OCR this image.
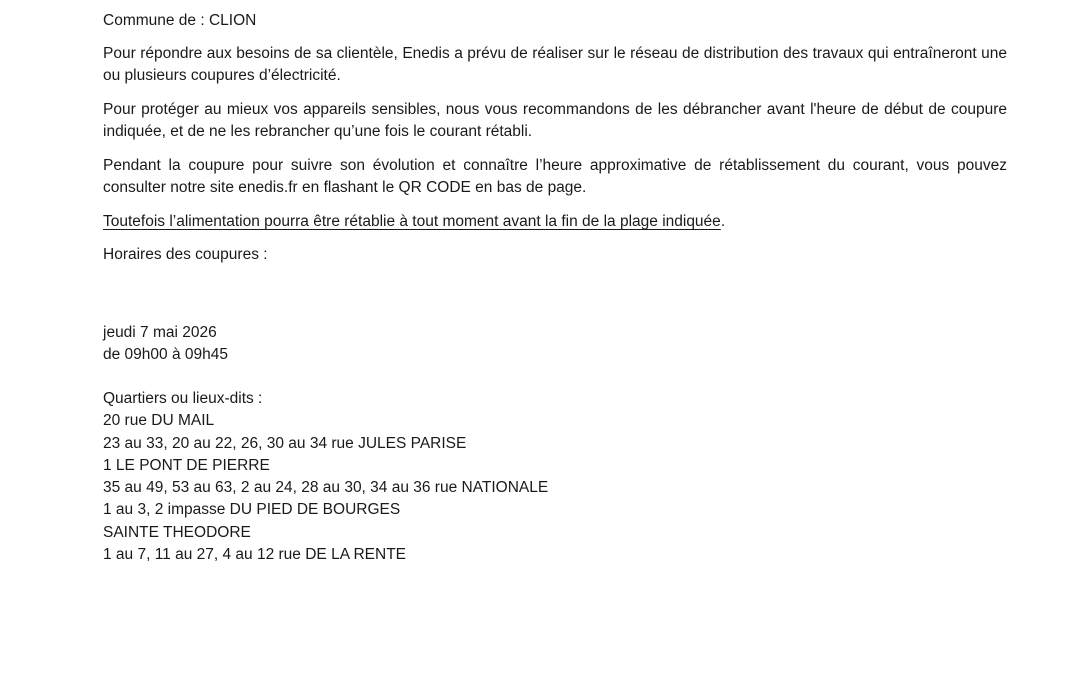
Commune de : CLION

Pour répondre aux besoins de sa clientèle, Enedis a prévu de réaliser sur le réseau de distribution des travaux qui entraîneront une ou plusieurs coupures d’électricité.

Pour protéger au mieux vos appareils sensibles, nous vous recommandons de les débrancher avant l'heure de début de coupure indiquée, et de ne les rebrancher qu’une fois le courant rétabli.

Pendant la coupure pour suivre son évolution et connaître l’heure approximative de rétablissement du courant, vous pouvez consulter notre site enedis.fr en flashant le QR CODE en bas de page.

Toutefois l’alimentation pourra être rétablie à tout moment avant la fin de la plage indiquée.

Horaires des coupures :

jeudi 7 mai 2026

de 09h00 à 09h45

Quartiers ou lieux-dits :

20 rue DU MAIL

23 au 33, 20 au 22, 26, 30 au 34 rue JULES PARISE

1 LE PONT DE PIERRE

35 au 49, 53 au 63, 2 au 24, 28 au 30, 34 au 36 rue NATIONALE

1 au 3, 2 impasse DU PIED DE BOURGES

SAINTE THEODORE

1 au 7, 11 au 27, 4 au 12 rue DE LA RENTE
